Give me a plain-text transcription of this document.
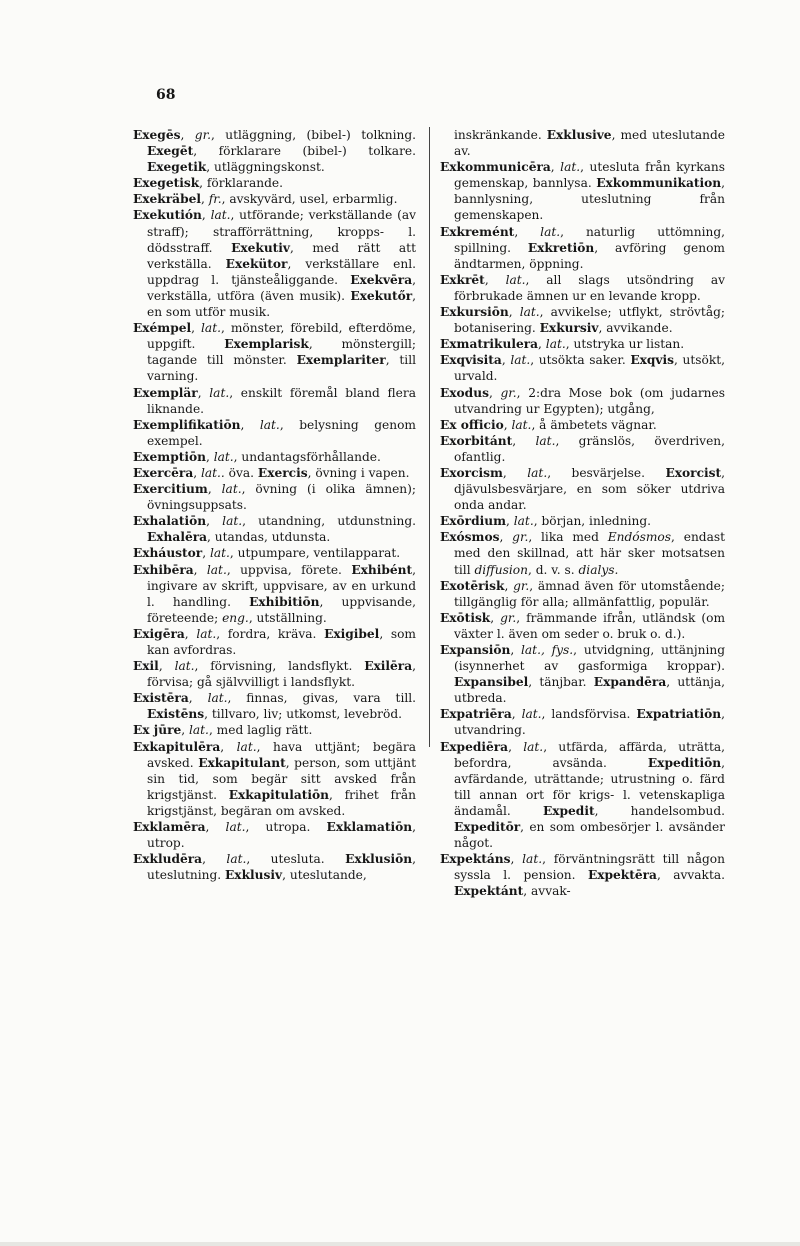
68

Exegēs, gr., utläggning, (bibel-) tolkning. Exegēt, förklarare (bibel-) tolkare. Exegetik, utläggningskonst.

Exegetisk, förklarande.

Exekräbel, fr., avskyvärd, usel, erbarmlig.

Exekutión, lat., utförande; verkställande (av straff); strafförrättning, kropps- l. dödsstraff. Exekutiv, med rätt att verkställa. Exekütor, verkställare enl. uppdrag l. tjänsteåliggande. Exekvēra, verkställa, utföra (även musik). Exekutőr, en som utför musik.

Exémpel, lat., mönster, förebild, efterdöme, uppgift. Exemplarisk, mönstergill; tagande till mönster. Exemplariter, till varning.

Exemplär, lat., enskilt föremål bland flera liknande.

Exemplifikatiōn, lat., belysning genom exempel.

Exemptiōn, lat., undantagsförhållande.

Exercēra, lat.. öva. Exercis, övning i vapen.

Exercitium, lat., övning (i olika ämnen); övningsuppsats.

Exhalatiōn, lat., utandning, utdunstning. Exhalēra, utandas, utdunsta.

Exháustor, lat., utpumpare, ventilapparat.

Exhibēra, lat., uppvisa, förete. Exhibént, ingivare av skrift, uppvisare, av en urkund l. handling. Exhibitiōn, uppvisande, företeende; eng., utställning.

Exigēra, lat., fordra, kräva. Exigibel, som kan avfordras.

Exil, lat., förvisning, landsflykt. Exilēra, förvisa; gå självvilligt i landsflykt.

Existēra, lat., finnas, givas, vara till. Existēns, tillvaro, liv; utkomst, levebröd.

Ex jūre, lat., med laglig rätt.

Exkapitulēra, lat., hava uttjänt; begära avsked. Exkapitulant, person, som uttjänt sin tid, som begär sitt avsked från krigstjänst. Exkapitulatiōn, frihet från krigstjänst, begäran om avsked.

Exklamēra, lat., utropa. Exklamatiōn, utrop.

Exkludēra, lat., utesluta. Exklusiōn, uteslutning. Exklusiv, uteslutande,

inskränkande. Exklusive, med uteslutande av.

Exkommunicēra, lat., utesluta från kyrkans gemenskap, bannlysa. Exkommunikation, bannlysning, uteslutning från gemenskapen.

Exkremént, lat., naturlig uttömning, spillning. Exkretiōn, avföring genom ändtarmen, öppning.

Exkrēt, lat., all slags utsöndring av förbrukade ämnen ur en levande kropp.

Exkursiōn, lat., avvikelse; utflykt, strövtåg; botanisering. Exkursiv, avvikande.

Exmatrikulera, lat., utstryka ur listan.

Exqvisita, lat., utsökta saker. Exqvis, utsökt, urvald.

Exodus, gr., 2:dra Mose bok (om judarnes utvandring ur Egypten); utgång,

Ex officio, lat., å ämbetets vägnar.

Exorbitánt, lat., gränslös, överdriven, ofantlig.

Exorcism, lat., besvärjelse. Exorcist, djävulsbesvärjare, en som söker utdriva onda andar.

Exōrdium, lat., början, inledning.

Exósmos, gr., lika med Endósmos, endast med den skillnad, att här sker motsatsen till diffusion, d. v. s. dialys.

Exotērisk, gr., ämnad även för utomstående; tillgänglig för alla; allmänfattlig, populär.

Exōtisk, gr., främmande ifrån, utländsk (om växter l. även om seder o. bruk o. d.).

Expansiōn, lat., fys., utvidgning, uttänjning (isynnerhet av gasformiga kroppar). Expansibel, tänjbar. Expandēra, uttänja, utbreda.

Expatriēra, lat., landsförvisa. Expatriatiōn, utvandring.

Expediēra, lat., utfärda, affärda, uträtta, befordra, avsända. Expeditiōn, avfärdande, uträttande; utrustning o. färd till annan ort för krigs- l. vetenskapliga ändamål. Expedit, handelsombud. Expeditōr, en som ombesörjer l. avsänder något.

Expektáns, lat., förväntningsrätt till någon syssla l. pension. Expektēra, avvakta. Expektánt, avvak-
